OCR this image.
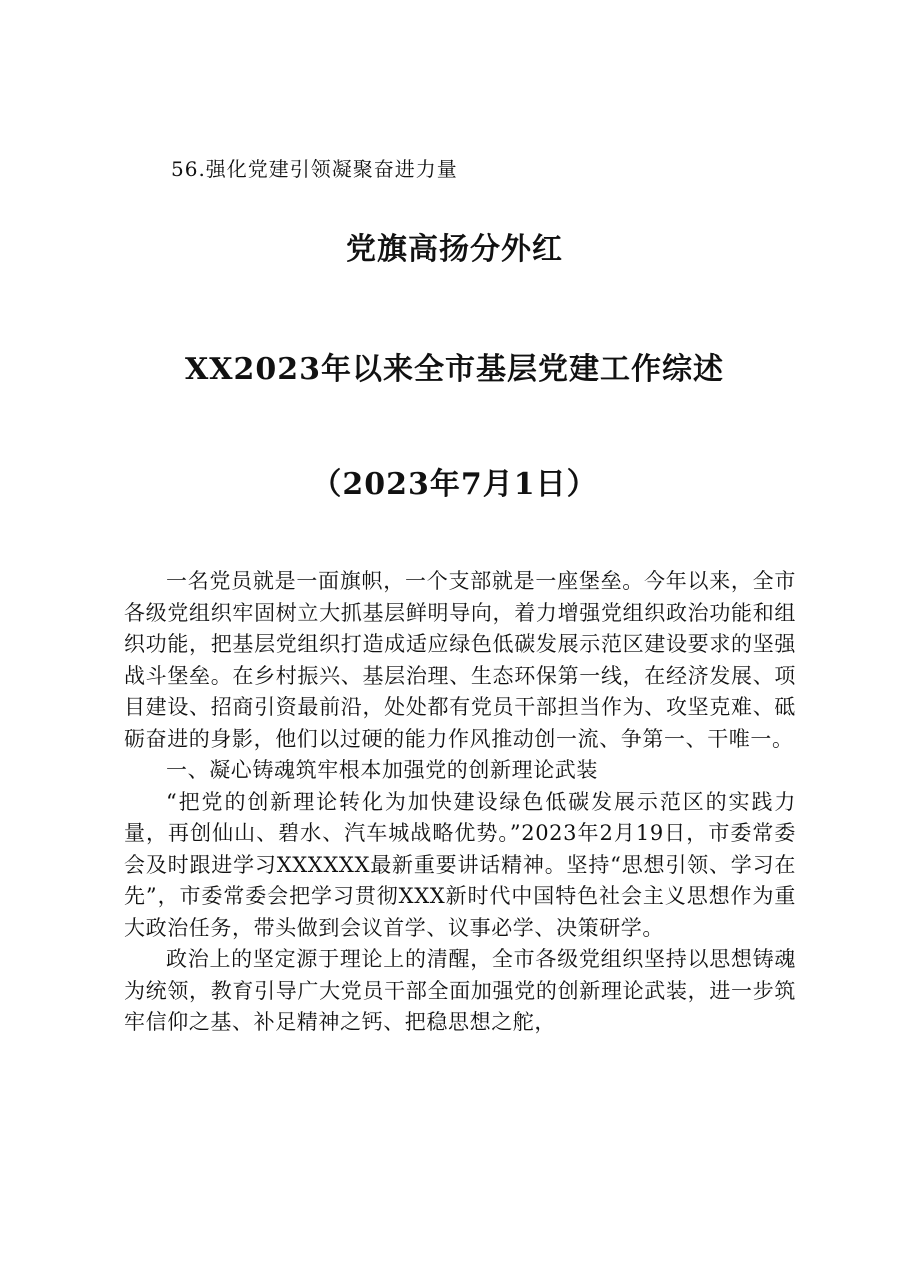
56.强化党建引领凝聚奋进力量
党旗高扬分外红
XX2023年以来全市基层党建工作综述
（2023年7月1日）

一名党员就是一面旗帜，一个支部就是一座堡垒。今年以来，全市各级党组织牢固树立大抓基层鲜明导向，着力增强党组织政治功能和组织功能，把基层党组织打造成适应绿色低碳发展示范区建设要求的坚强战斗堡垒。在乡村振兴、基层治理、生态环保第一线，在经济发展、项目建设、招商引资最前沿，处处都有党员干部担当作为、攻坚克难、砥砺奋进的身影，他们以过硬的能力作风推动创一流、争第一、干唯一。

一、凝心铸魂筑牢根本加强党的创新理论武装

“把党的创新理论转化为加快建设绿色低碳发展示范区的实践力量，再创仙山、碧水、汽车城战略优势。”2023年2月19日，市委常委会及时跟进学习XXXXXX最新重要讲话精神。坚持“思想引领、学习在先”，市委常委会把学习贯彻XXX新时代中国特色社会主义思想作为重大政治任务，带头做到会议首学、议事必学、决策研学。

政治上的坚定源于理论上的清醒，全市各级党组织坚持以思想铸魂为统领，教育引导广大党员干部全面加强党的创新理论武装，进一步筑牢信仰之基、补足精神之钙、把稳思想之舵，
